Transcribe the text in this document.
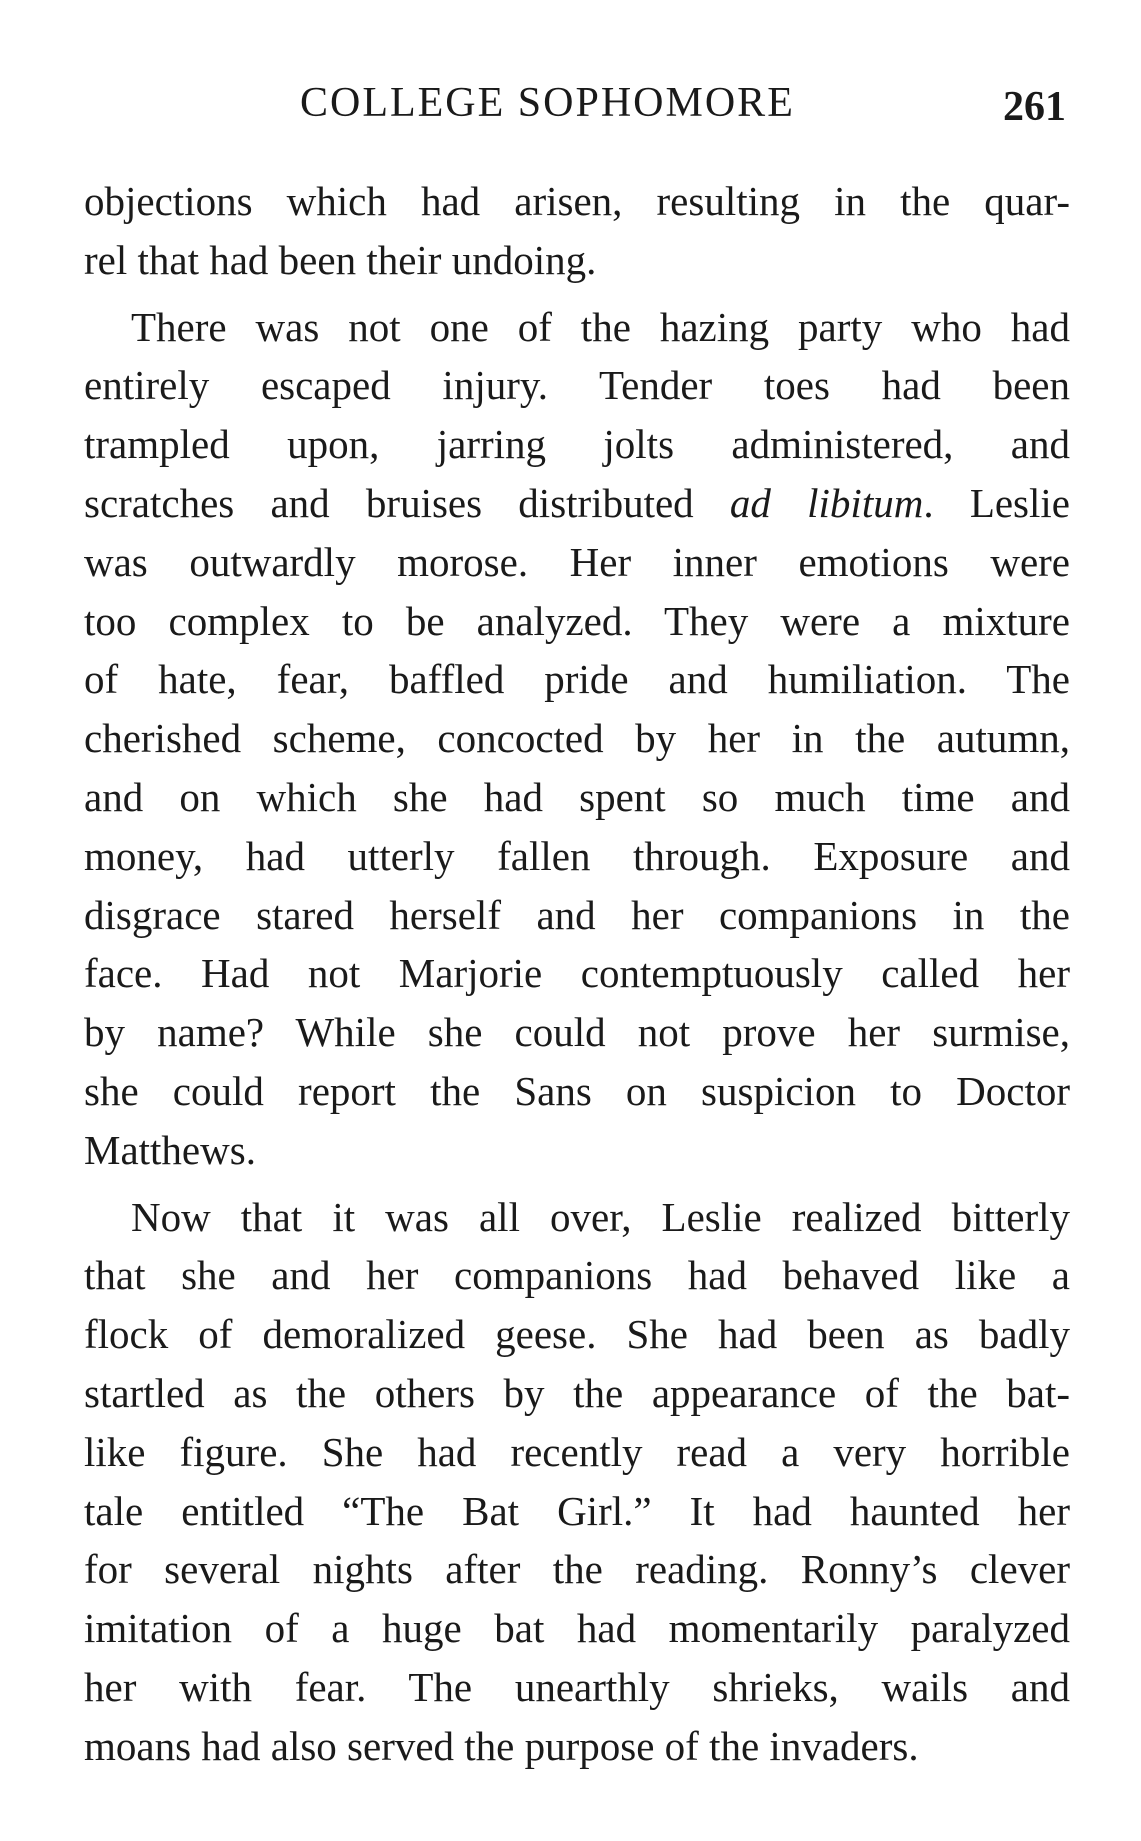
COLLEGE SOPHOMORE	261
objections which had arisen, resulting in the quar-
rel that had been their undoing.
There was not one of the hazing party who had
entirely escaped injury. Tender toes had been
trampled upon, jarring jolts administered, and
scratches and bruises distributed ad libitum. Leslie
was outwardly morose. Her inner emotions were
too complex to be analyzed. They were a mixture
of hate, fear, baffled pride and humiliation. The
cherished scheme, concocted by her in the autumn,
and on which she had spent so much time and
money, had utterly fallen through. Exposure and
disgrace stared herself and her companions in the
face. Had not Marjorie contemptuously called her
by name? While she could not prove her surmise,
she could report the Sans on suspicion to Doctor
Matthews.
Now that it was all over, Leslie realized bitterly
that she and her companions had behaved like a
flock of demoralized geese. She had been as badly
startled as the others by the appearance of the bat-
like figure. She had recently read a very horrible
tale entitled “The Bat Girl.” It had haunted her
for several nights after the reading. Ronny’s clever
imitation of a huge bat had momentarily paralyzed
her with fear. The unearthly shrieks, wails and
moans had also served the purpose of the invaders.
